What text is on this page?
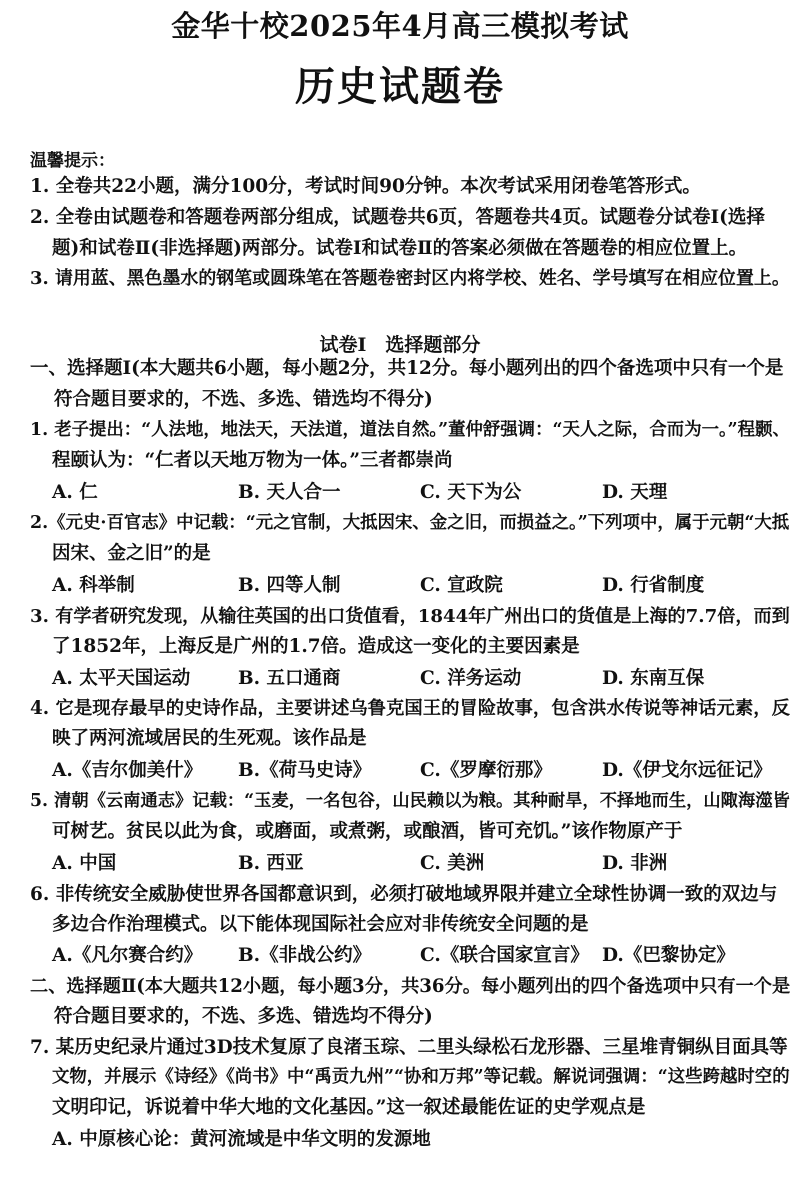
金华十校2025年4月高三模拟考试
历史试题卷
温馨提示：
1. 全卷共22小题，满分100分，考试时间90分钟。本次考试采用闭卷笔答形式。
2. 全卷由试题卷和答题卷两部分组成，试题卷共6页，答题卷共4页。试题卷分试卷Ⅰ(选择
题)和试卷Ⅱ(非选择题)两部分。试卷Ⅰ和试卷Ⅱ的答案必须做在答题卷的相应位置上。
3. 请用蓝、黑色墨水的钢笔或圆珠笔在答题卷密封区内将学校、姓名、学号填写在相应位置上。
试卷Ⅰ　选择题部分
一、选择题Ⅰ(本大题共6小题，每小题2分，共12分。每小题列出的四个备选项中只有一个是
符合题目要求的，不选、多选、错选均不得分)
1. 老子提出：“人法地，地法天，天法道，道法自然。”董仲舒强调：“天人之际，合而为一。”程颢、
程颐认为：“仁者以天地万物为一体。”三者都崇尚
A. 仁	B. 天人合一	C. 天下为公	D. 天理
2.《元史·百官志》中记载：“元之官制，大抵因宋、金之旧，而损益之。”下列项中，属于元朝“大抵
因宋、金之旧”的是
A. 科举制	B. 四等人制	C. 宣政院	D. 行省制度
3. 有学者研究发现，从输往英国的出口货值看，1844年广州出口的货值是上海的7.7倍，而到
了1852年，上海反是广州的1.7倍。造成这一变化的主要因素是
A. 太平天国运动	B. 五口通商	C. 洋务运动	D. 东南互保
4. 它是现存最早的史诗作品，主要讲述乌鲁克国王的冒险故事，包含洪水传说等神话元素，反
映了两河流域居民的生死观。该作品是
A.《吉尔伽美什》 B.《荷马史诗》	C.《罗摩衍那》	D.《伊戈尔远征记》
5. 清朝《云南通志》记载：“玉麦，一名包谷，山民赖以为粮。其种耐旱，不择地而生，山陬海澨皆
可树艺。贫民以此为食，或磨面，或煮粥，或酿酒，皆可充饥。”该作物原产于
A. 中国	B. 西亚	C. 美洲	D. 非洲
6. 非传统安全威胁使世界各国都意识到，必须打破地域界限并建立全球性协调一致的双边与
多边合作治理模式。以下能体现国际社会应对非传统安全问题的是
A.《凡尔赛合约》 B.《非战公约》	C.《联合国家宣言》 D.《巴黎协定》
二、选择题Ⅱ(本大题共12小题，每小题3分，共36分。每小题列出的四个备选项中只有一个是
符合题目要求的，不选、多选、错选均不得分)
7. 某历史纪录片通过3D技术复原了良渚玉琮、二里头绿松石龙形器、三星堆青铜纵目面具等
文物，并展示《诗经》《尚书》中“禹贡九州”“协和万邦”等记载。解说词强调：“这些跨越时空的
文明印记，诉说着中华大地的文化基因。”这一叙述最能佐证的史学观点是
A. 中原核心论：黄河流域是中华文明的发源地
